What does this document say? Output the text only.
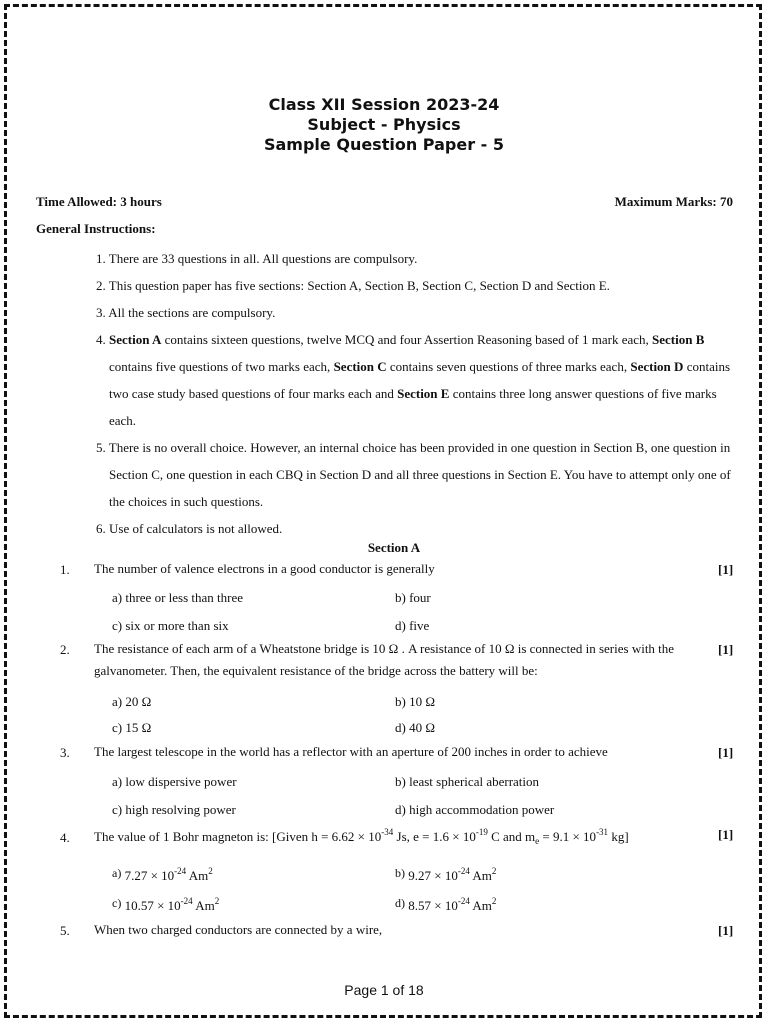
Class XII Session 2023-24
Subject - Physics
Sample Question Paper - 5
Time Allowed: 3 hours	Maximum Marks: 70
General Instructions:

1. There are 33 questions in all. All questions are compulsory.

2. This question paper has five sections: Section A, Section B, Section C, Section D and Section E.

3. All the sections are compulsory.

4. Section A contains sixteen questions, twelve MCQ and four Assertion Reasoning based of 1 mark each, Section B contains five questions of two marks each, Section C contains seven questions of three marks each, Section D contains two case study based questions of four marks each and Section E contains three long answer questions of five marks each.

5. There is no overall choice. However, an internal choice has been provided in one question in Section B, one question in Section C, one question in each CBQ in Section D and all three questions in Section E. You have to attempt only one of the choices in such questions.

6. Use of calculators is not allowed.

Section A
1. The number of valence electrons in a good conductor is generally	[1]
a) three or less than three	b) four
c) six or more than six	d) five
2. The resistance of each arm of a Wheatstone bridge is 10 Ω . A resistance of 10 Ω is connected in series with the galvanometer. Then, the equivalent resistance of the bridge across the battery will be:
[1]
a) 20 Ω	b) 10 Ω
c) 15 Ω	d) 40 Ω
3. The largest telescope in the world has a reflector with an aperture of 200 inches in order to achieve	[1]
a) low dispersive power	b) least spherical aberration
c) high resolving power	d) high accommodation power
4. The value of 1 Bohr magneton is: [Given $h = 6.62 \times 10^{-34}$ Js, $e = 1.6 \times 10^{-19}$ C and $m_e = 9.1 \times 10^{-31}$ kg]	[1]
a) $7.27 \times 10^{-24}$ Am$^2$	b) $9.27 \times 10^{-24}$ Am$^2$
c) $10.57 \times 10^{-24}$ Am$^2$	d) $8.57 \times 10^{-24}$ Am$^2$
5. When two charged conductors are connected by a wire,	[1]
Page 1 of 18
